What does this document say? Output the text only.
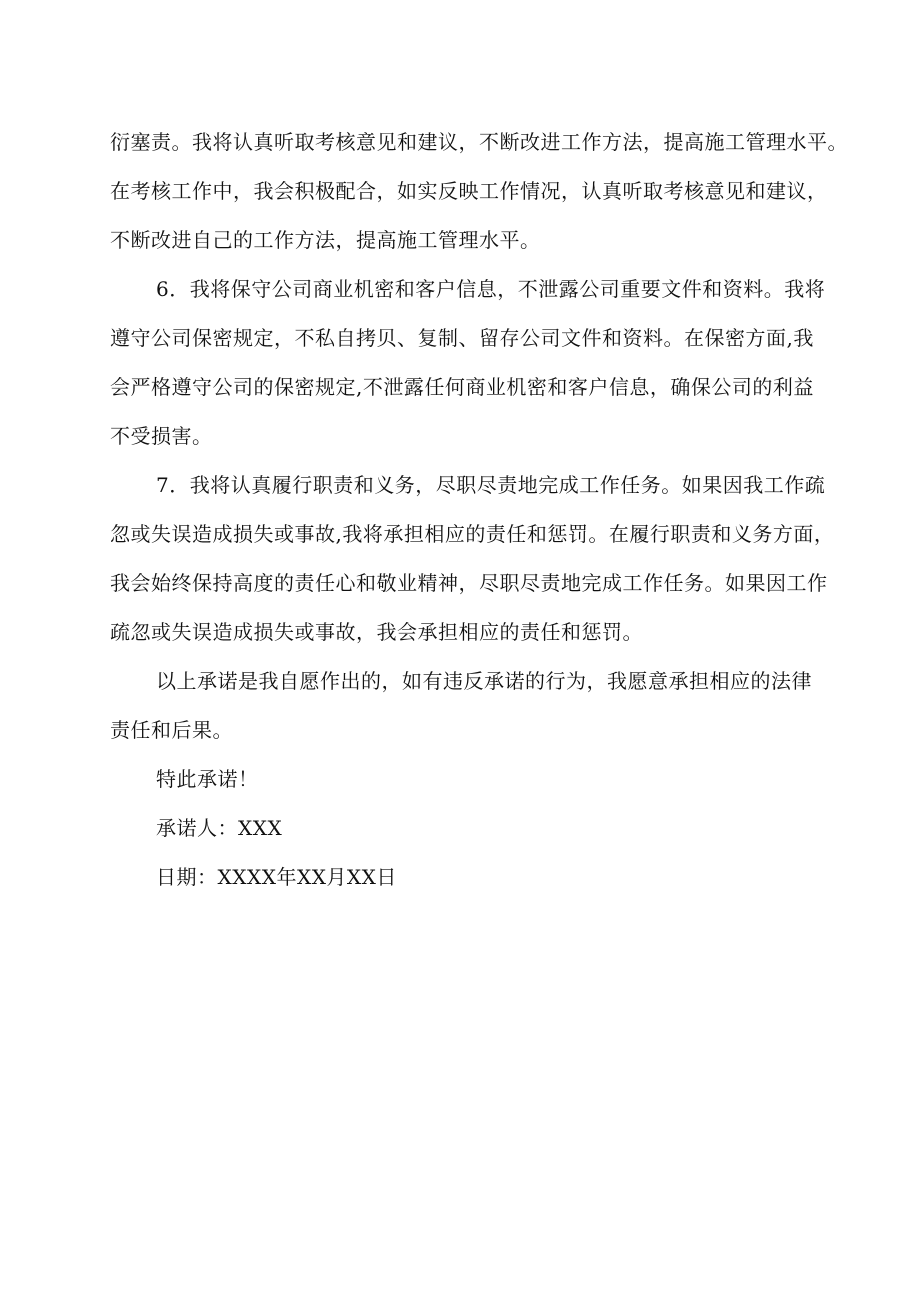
衍塞责。我将认真听取考核意见和建议，不断改进工作方法，提高施工管理水平。
在考核工作中，我会积极配合，如实反映工作情况，认真听取考核意见和建议，
不断改进自己的工作方法，提高施工管理水平。
6．我将保守公司商业机密和客户信息，不泄露公司重要文件和资料。我将
遵守公司保密规定，不私自拷贝、复制、留存公司文件和资料。在保密方面,我
会严格遵守公司的保密规定,不泄露任何商业机密和客户信息，确保公司的利益
不受损害。
7．我将认真履行职责和义务，尽职尽责地完成工作任务。如果因我工作疏
忽或失误造成损失或事故,我将承担相应的责任和惩罚。在履行职责和义务方面，
我会始终保持高度的责任心和敬业精神，尽职尽责地完成工作任务。如果因工作
疏忽或失误造成损失或事故，我会承担相应的责任和惩罚。
以上承诺是我自愿作出的，如有违反承诺的行为，我愿意承担相应的法律
责任和后果。
特此承诺！
承诺人：XXX
日期：XXXX年XX月XX日
